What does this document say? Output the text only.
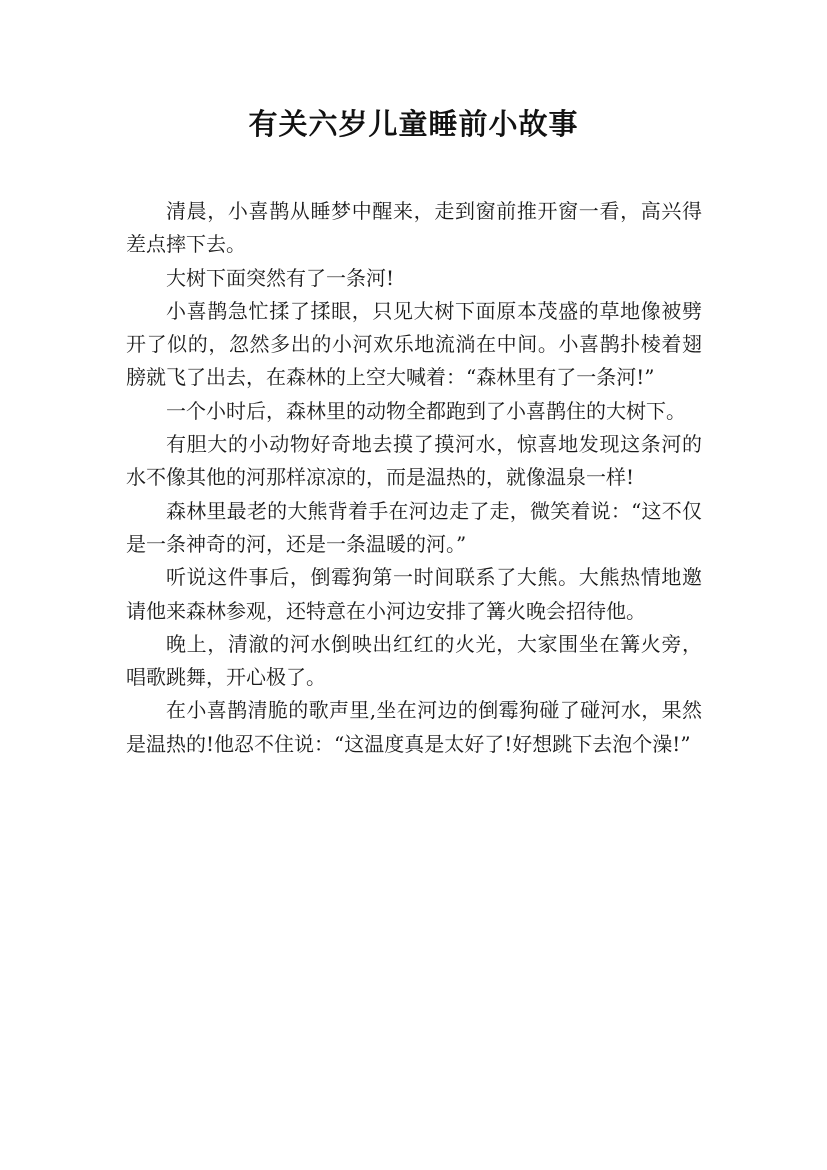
有关六岁儿童睡前小故事

清晨，小喜鹊从睡梦中醒来，走到窗前推开窗一看，高兴得差点摔下去。

大树下面突然有了一条河!

小喜鹊急忙揉了揉眼，只见大树下面原本茂盛的草地像被劈开了似的，忽然多出的小河欢乐地流淌在中间。小喜鹊扑棱着翅膀就飞了出去，在森林的上空大喊着：“森林里有了一条河!”

一个小时后，森林里的动物全都跑到了小喜鹊住的大树下。

有胆大的小动物好奇地去摸了摸河水，惊喜地发现这条河的水不像其他的河那样凉凉的，而是温热的，就像温泉一样!

森林里最老的大熊背着手在河边走了走，微笑着说：“这不仅是一条神奇的河，还是一条温暖的河。”

听说这件事后，倒霉狗第一时间联系了大熊。大熊热情地邀请他来森林参观，还特意在小河边安排了篝火晚会招待他。

晚上，清澈的河水倒映出红红的火光，大家围坐在篝火旁，唱歌跳舞，开心极了。

在小喜鹊清脆的歌声里,坐在河边的倒霉狗碰了碰河水，果然是温热的!他忍不住说：“这温度真是太好了!好想跳下去泡个澡!”
